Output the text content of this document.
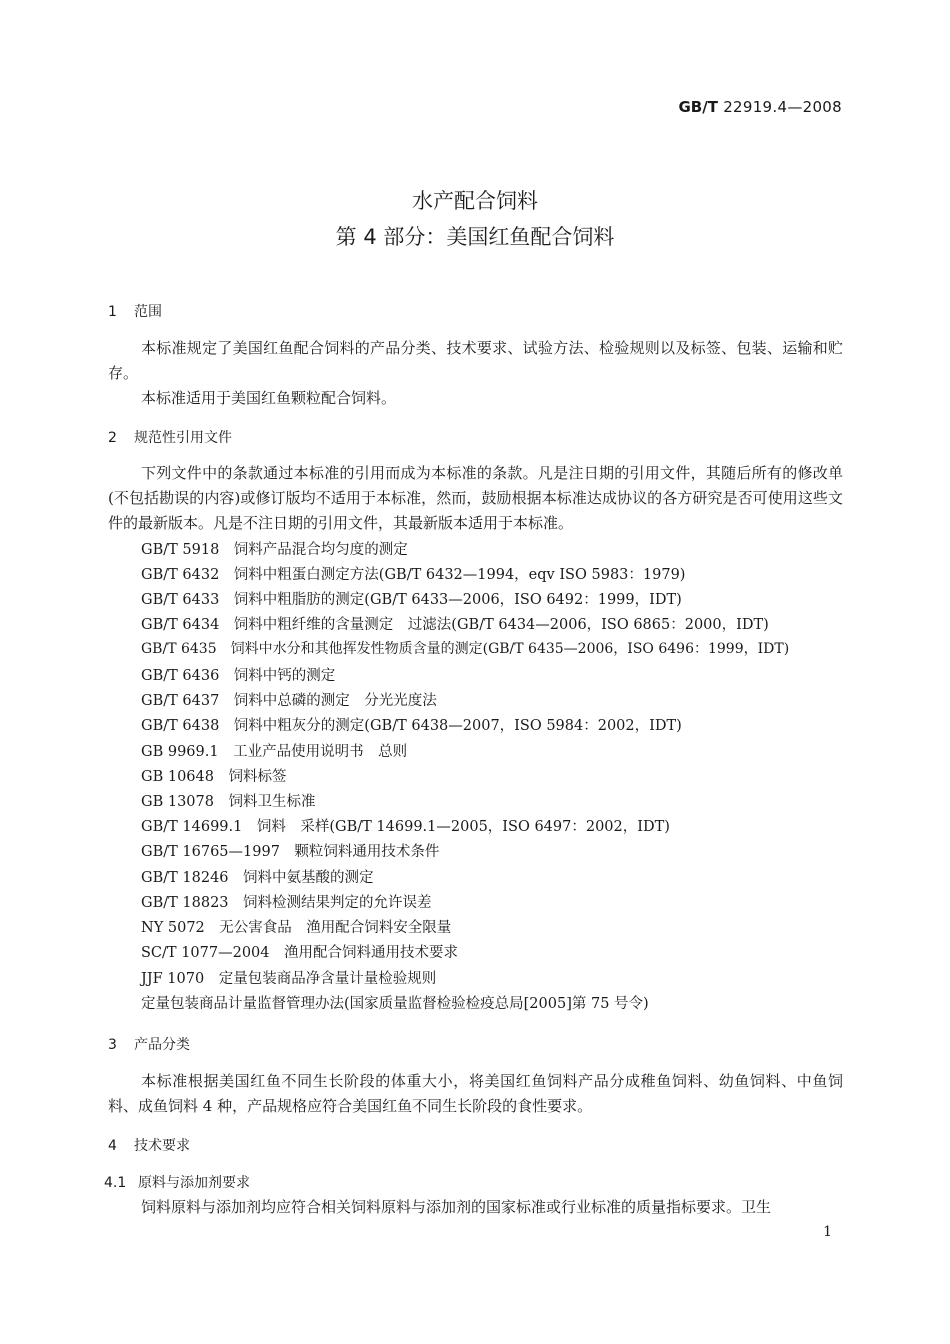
GB/T 22919.4—2008
水产配合饲料
第 4 部分：美国红鱼配合饲料
1 范围
本标准规定了美国红鱼配合饲料的产品分类、技术要求、试验方法、检验规则以及标签、包装、运输和贮存。
本标准适用于美国红鱼颗粒配合饲料。
2 规范性引用文件
下列文件中的条款通过本标准的引用而成为本标准的条款。凡是注日期的引用文件，其随后所有的修改单(不包括勘误的内容)或修订版均不适用于本标准，然而，鼓励根据本标准达成协议的各方研究是否可使用这些文件的最新版本。凡是不注日期的引用文件，其最新版本适用于本标准。
GB/T 5918　饲料产品混合均匀度的测定
GB/T 6432　饲料中粗蛋白测定方法(GB/T 6432—1994，eqv ISO 5983：1979)
GB/T 6433　饲料中粗脂肪的测定(GB/T 6433—2006，ISO 6492：1999，IDT)
GB/T 6434　饲料中粗纤维的含量测定　过滤法(GB/T 6434—2006，ISO 6865：2000，IDT)
GB/T 6435　饲料中水分和其他挥发性物质含量的测定(GB/T 6435—2006，ISO 6496：1999，IDT)
GB/T 6436　饲料中钙的测定
GB/T 6437　饲料中总磷的测定　分光光度法
GB/T 6438　饲料中粗灰分的测定(GB/T 6438—2007，ISO 5984：2002，IDT)
GB 9969.1　工业产品使用说明书　总则
GB 10648　饲料标签
GB 13078　饲料卫生标准
GB/T 14699.1　饲料　采样(GB/T 14699.1—2005，ISO 6497：2002，IDT)
GB/T 16765—1997　颗粒饲料通用技术条件
GB/T 18246　饲料中氨基酸的测定
GB/T 18823　饲料检测结果判定的允许误差
NY 5072　无公害食品　渔用配合饲料安全限量
SC/T 1077—2004　渔用配合饲料通用技术要求
JJF 1070　定量包装商品净含量计量检验规则
定量包装商品计量监督管理办法(国家质量监督检验检疫总局[2005]第 75 号令)
3 产品分类
本标准根据美国红鱼不同生长阶段的体重大小，将美国红鱼饲料产品分成稚鱼饲料、幼鱼饲料、中鱼饲料、成鱼饲料 4 种，产品规格应符合美国红鱼不同生长阶段的食性要求。
4 技术要求
4.1 原料与添加剂要求
饲料原料与添加剂均应符合相关饲料原料与添加剂的国家标准或行业标准的质量指标要求。卫生
1
